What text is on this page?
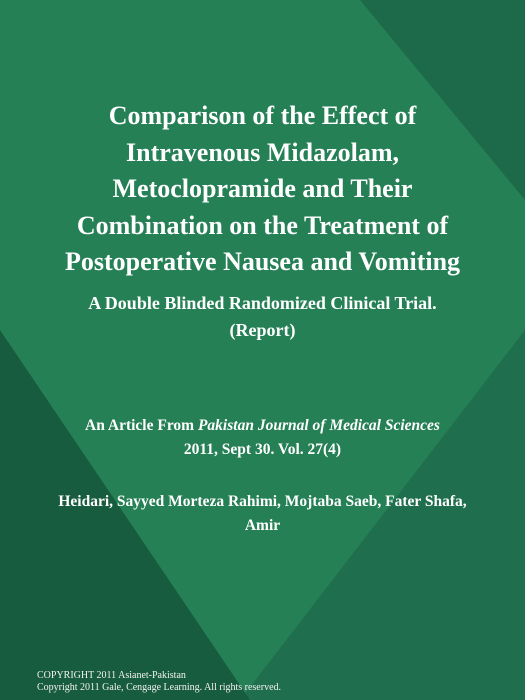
Comparison of the Effect of
Intravenous Midazolam,
Metoclopramide and Their
Combination on the Treatment of
Postoperative Nausea and Vomiting
A Double Blinded Randomized Clinical Trial.
(Report)
An Article From Pakistan Journal of Medical Sciences
2011, Sept 30. Vol. 27(4)
Heidari, Sayyed Morteza Rahimi, Mojtaba Saeb, Fater Shafa,
Amir
COPYRIGHT 2011 Asianet-Pakistan
Copyright 2011 Gale, Cengage Learning. All rights reserved.
